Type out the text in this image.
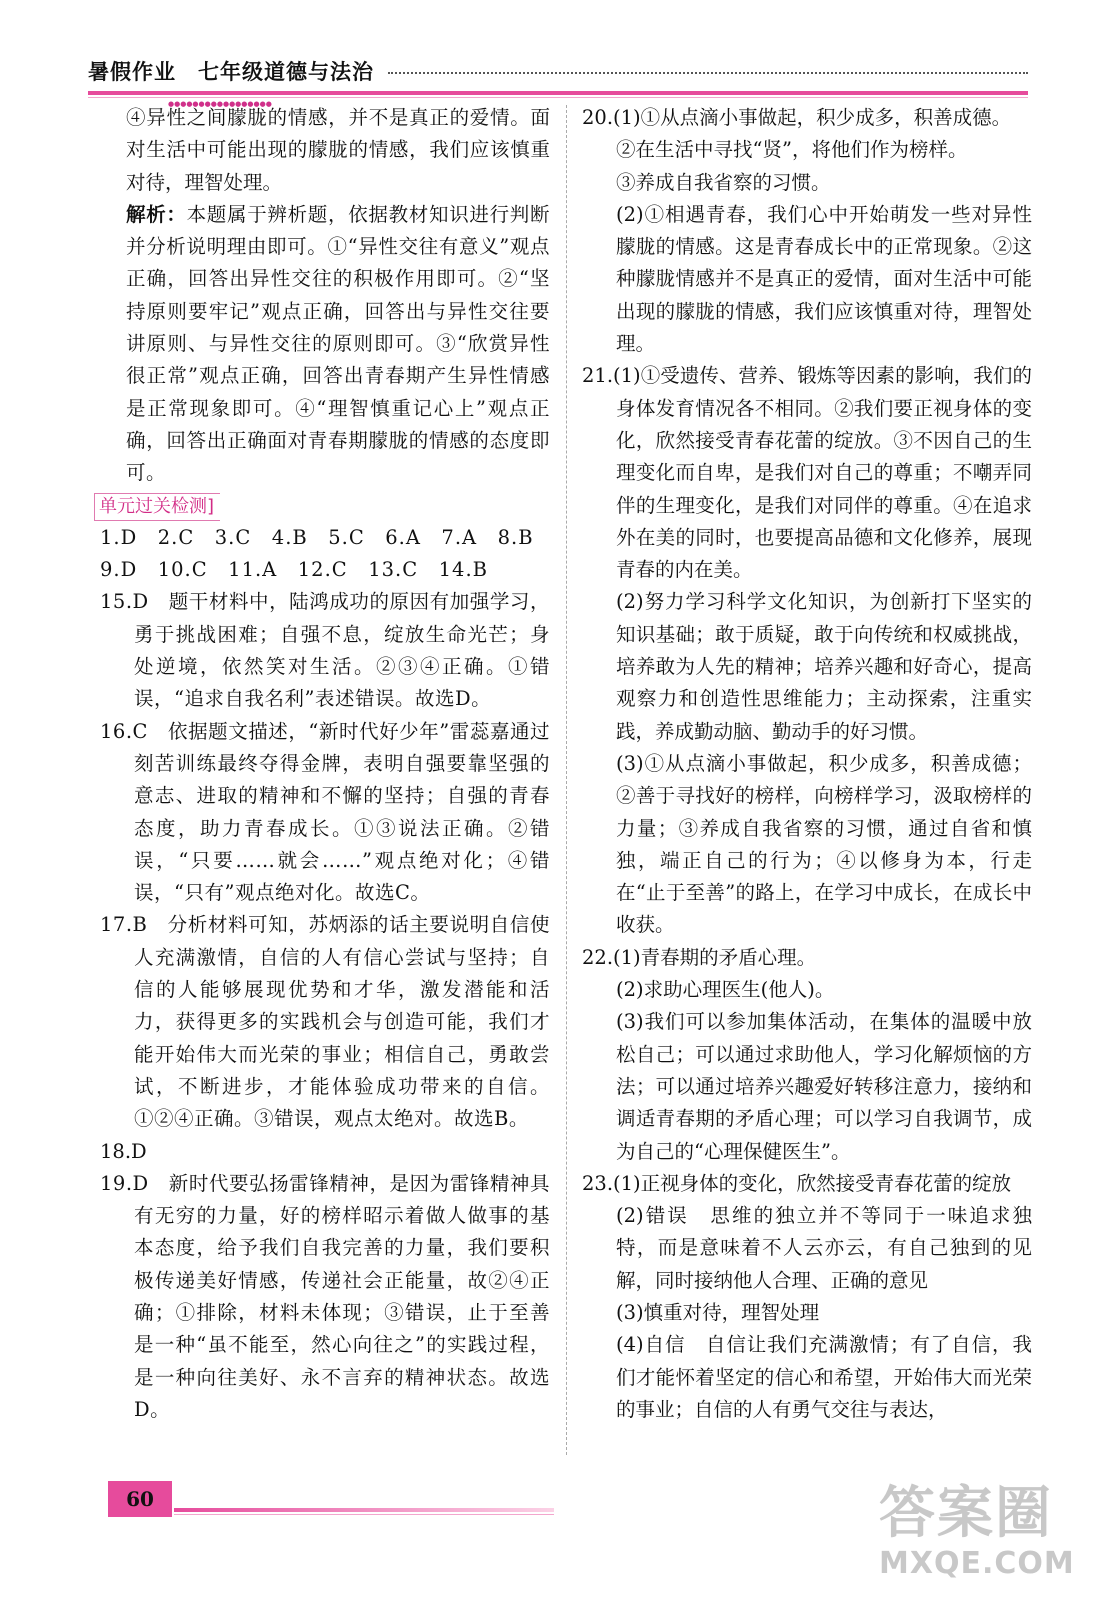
暑假作业　七年级道德与法治
●●●●●●●●●●●●●●●●●
④异性之间朦胧的情感，并不是真正的爱情。面对生活中可能出现的朦胧的情感，我们应该慎重对待，理智处理。
解析：本题属于辨析题，依据教材知识进行判断并分析说明理由即可。①“异性交往有意义”观点正确，回答出异性交往的积极作用即可。②“坚持原则要牢记”观点正确，回答出与异性交往要讲原则、与异性交往的原则即可。③“欣赏异性很正常”观点正确，回答出青春期产生异性情感是正常现象即可。④“理智慎重记心上”观点正确，回答出正确面对青春期朦胧的情感的态度即可。
单元过关检测 ]
1.D　2.C　3.C　4.B　5.C　6.A　7.A　8.B
9.D　10.C　11.A　12.C　13.C　14.B
15.D　题干材料中，陆鸿成功的原因有加强学习，勇于挑战困难；自强不息，绽放生命光芒；身处逆境，依然笑对生活。②③④正确。①错误，“追求自我名利”表述错误。故选D。
16.C　依据题文描述，“新时代好少年”雷蕊嘉通过刻苦训练最终夺得金牌，表明自强要靠坚强的意志、进取的精神和不懈的坚持；自强的青春态度，助力青春成长。①③说法正确。②错误，“只要……就会……”观点绝对化；④错误，“只有”观点绝对化。故选C。
17.B　分析材料可知，苏炳添的话主要说明自信使人充满激情，自信的人有信心尝试与坚持；自信的人能够展现优势和才华，激发潜能和活力，获得更多的实践机会与创造可能，我们才能开始伟大而光荣的事业；相信自己，勇敢尝试，不断进步，才能体验成功带来的自信。①②④正确。③错误，观点太绝对。故选B。
18.D
19.D　新时代要弘扬雷锋精神，是因为雷锋精神具有无穷的力量，好的榜样昭示着做人做事的基本态度，给予我们自我完善的力量，我们要积极传递美好情感，传递社会正能量，故②④正确；①排除，材料未体现；③错误，止于至善是一种“虽不能至，然心向往之”的实践过程，是一种向往美好、永不言弃的精神状态。故选D。
20.(1)①从点滴小事做起，积少成多，积善成德。
②在生活中寻找“贤”，将他们作为榜样。
③养成自我省察的习惯。
(2)①相遇青春，我们心中开始萌发一些对异性朦胧的情感。这是青春成长中的正常现象。②这种朦胧情感并不是真正的爱情，面对生活中可能出现的朦胧的情感，我们应该慎重对待，理智处理。
21.(1)①受遗传、营养、锻炼等因素的影响，我们的身体发育情况各不相同。②我们要正视身体的变化，欣然接受青春花蕾的绽放。③不因自己的生理变化而自卑，是我们对自己的尊重；不嘲弄同伴的生理变化，是我们对同伴的尊重。④在追求外在美的同时，也要提高品德和文化修养，展现青春的内在美。
(2)努力学习科学文化知识，为创新打下坚实的知识基础；敢于质疑，敢于向传统和权威挑战，培养敢为人先的精神；培养兴趣和好奇心，提高观察力和创造性思维能力；主动探索，注重实践，养成勤动脑、勤动手的好习惯。
(3)①从点滴小事做起，积少成多，积善成德；②善于寻找好的榜样，向榜样学习，汲取榜样的力量；③养成自我省察的习惯，通过自省和慎独，端正自己的行为；④以修身为本，行走在“止于至善”的路上，在学习中成长，在成长中收获。
22.(1)青春期的矛盾心理。
(2)求助心理医生(他人)。
(3)我们可以参加集体活动，在集体的温暖中放松自己；可以通过求助他人，学习化解烦恼的方法；可以通过培养兴趣爱好转移注意力，接纳和调适青春期的矛盾心理；可以学习自我调节，成为自己的“心理保健医生”。
23.(1)正视身体的变化，欣然接受青春花蕾的绽放
(2)错误　思维的独立并不等同于一味追求独特，而是意味着不人云亦云，有自己独到的见解，同时接纳他人合理、正确的意见
(3)慎重对待，理智处理
(4)自信　自信让我们充满激情；有了自信，我们才能怀着坚定的信心和希望，开始伟大而光荣的事业；自信的人有勇气交往与表达，
60	答案圈
MXQE.COM
